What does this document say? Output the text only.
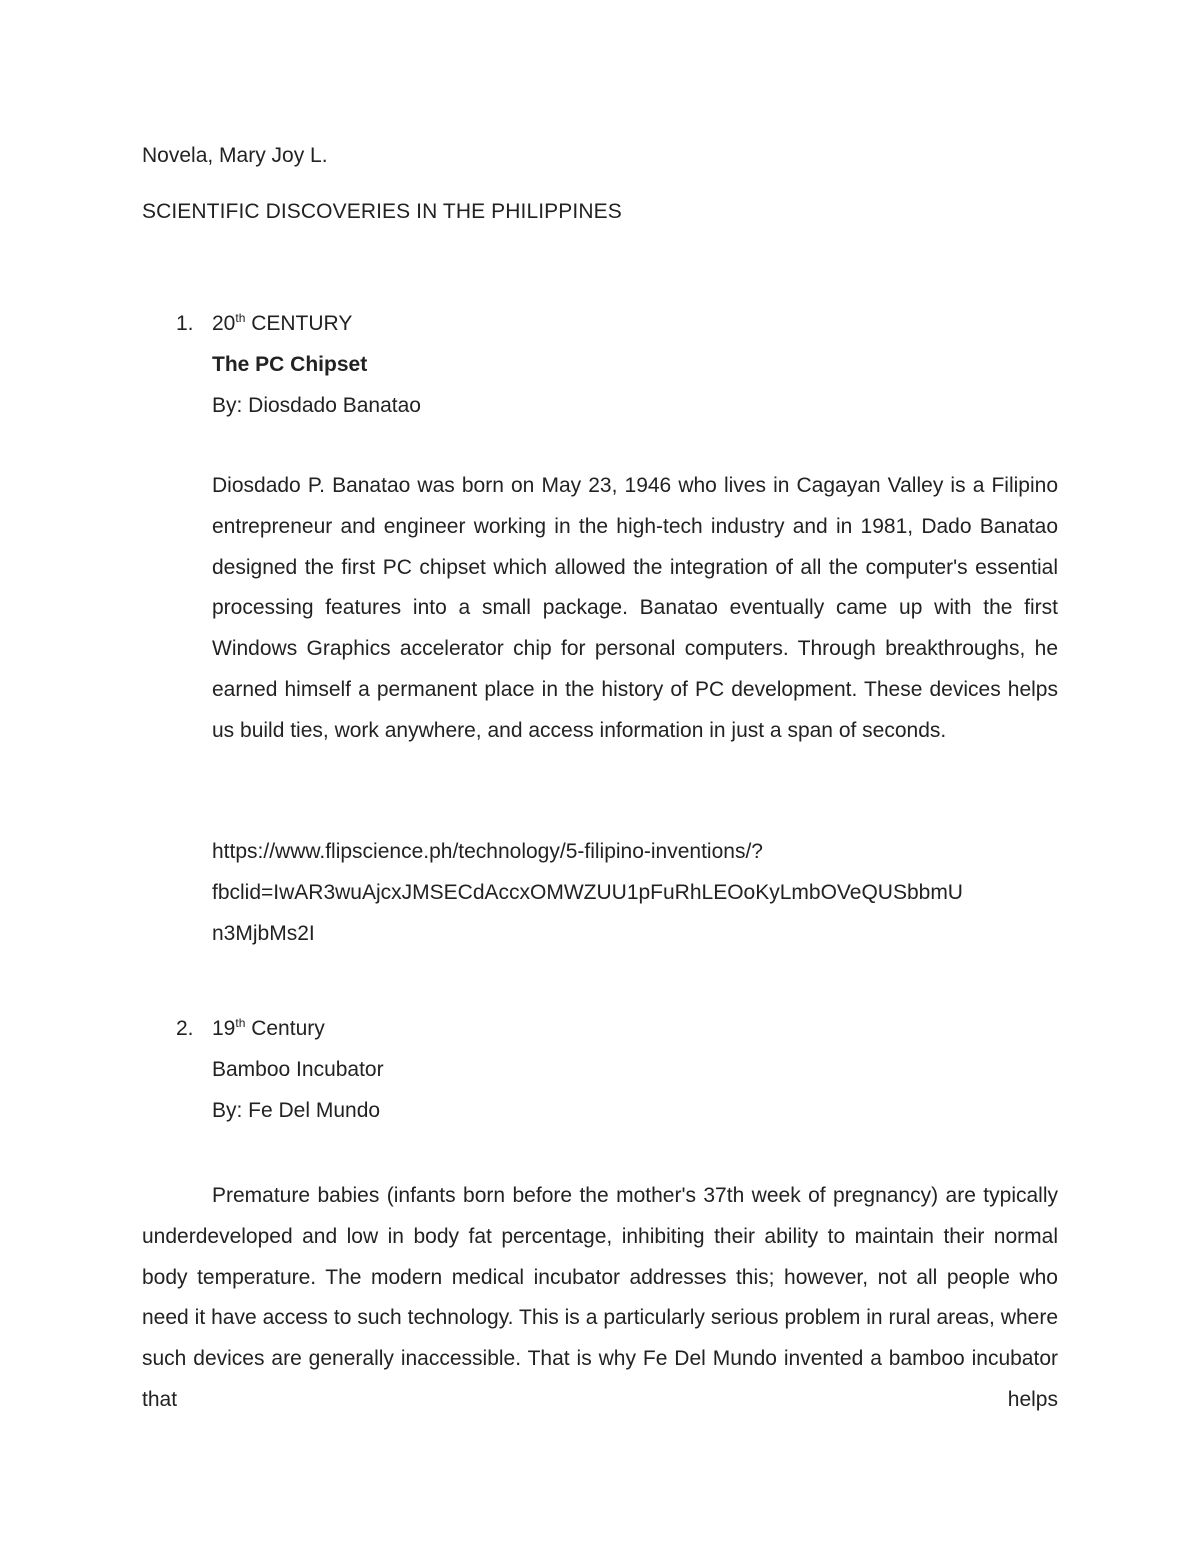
Novela, Mary Joy L.
SCIENTIFIC DISCOVERIES IN THE PHILIPPINES
1. 20th CENTURY
The PC Chipset
By: Diosdado Banatao
Diosdado P. Banatao was born on May 23, 1946 who lives in Cagayan Valley is a Filipino entrepreneur and engineer working in the high-tech industry and in 1981, Dado Banatao designed the first PC chipset which allowed the integration of all the computer's essential processing features into a small package. Banatao eventually came up with the first Windows Graphics accelerator chip for personal computers. Through breakthroughs, he earned himself a permanent place in the history of PC development. These devices helps us build ties, work anywhere, and access information in just a span of seconds.
https://www.flipscience.ph/technology/5-filipino-inventions/?
fbclid=IwAR3wuAjcxJMSECdAccxOMWZUU1pFuRhLEOoKyLmbOVeQUSbbmU
n3MjbMs2I
2. 19th Century
Bamboo Incubator
By: Fe Del Mundo
Premature babies (infants born before the mother's 37th week of pregnancy) are typically underdeveloped and low in body fat percentage, inhibiting their ability to maintain their normal body temperature. The modern medical incubator addresses this; however, not all people who need it have access to such technology. This is a particularly serious problem in rural areas, where such devices are generally inaccessible. That is why Fe Del Mundo invented a bamboo incubator that helps
